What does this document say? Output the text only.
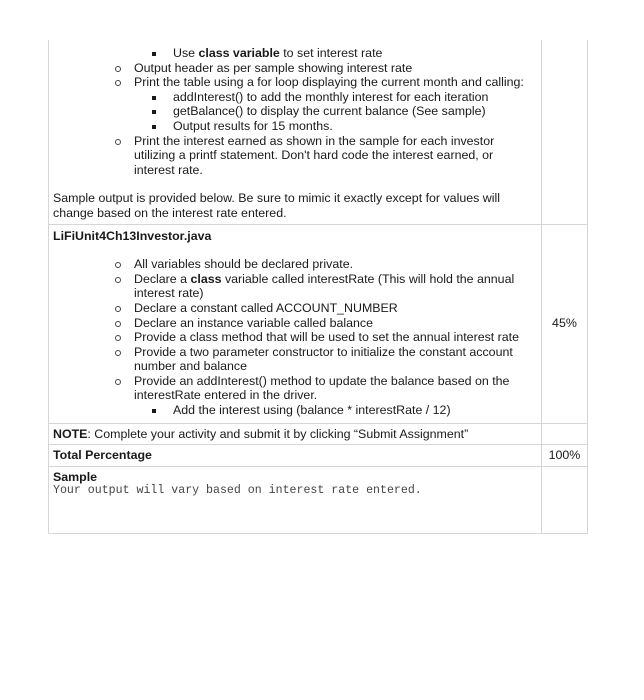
Use class variable to set interest rate
Output header as per sample showing interest rate
Print the table using a for loop displaying the current month and calling:
addInterest() to add the monthly interest for each iteration
getBalance() to display the current balance (See sample)
Output results for 15 months.
Print the interest earned as shown in the sample for each investor
utilizing a printf statement. Don't hard code the interest earned, or
interest rate.
Sample output is provided below. Be sure to mimic it exactly except for values will
change based on the interest rate entered.

LiFiUnit4Ch13Investor.java
All variables should be declared private.
Declare a class variable called interestRate (This will hold the annual
interest rate)
Declare a constant called ACCOUNT_NUMBER
Declare an instance variable called balance
Provide a class method that will be used to set the annual interest rate
Provide a two parameter constructor to initialize the constant account
number and balance
Provide an addInterest() method to update the balance based on the
interestRate entered in the driver.
Add the interest using (balance * interestRate / 12)
	45%

NOTE: Complete your activity and submit it by clicking “Submit Assignment”	

Total Percentage	100%

Sample
Your output will vary based on interest rate entered.	
